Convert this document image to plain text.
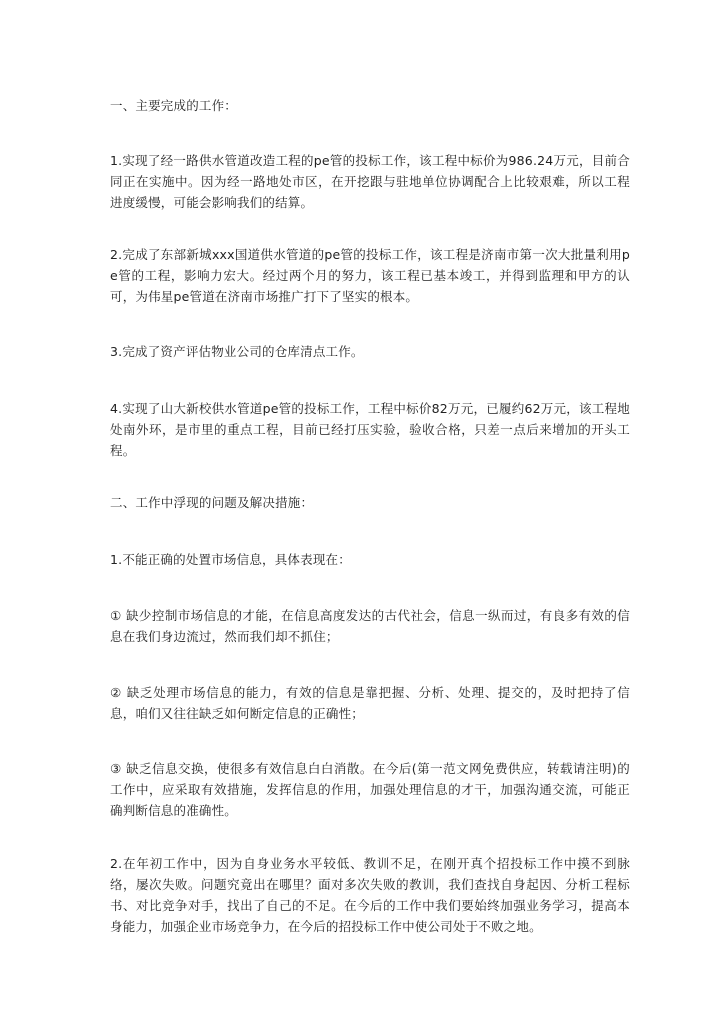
一、主要完成的工作：

1.实现了经一路供水管道改造工程的pe管的投标工作，该工程中标价为986.24万元，目前合同正在实施中。因为经一路地处市区，在开挖跟与驻地单位协调配合上比较艰难，所以工程进度缓慢，可能会影响我们的结算。

2.完成了东部新城xxx国道供水管道的pe管的投标工作，该工程是济南市第一次大批量利用pe管的工程，影响力宏大。经过两个月的努力，该工程已基本竣工，并得到监理和甲方的认可，为伟星pe管道在济南市场推广打下了坚实的根本。

3.完成了资产评估物业公司的仓库清点工作。

4.实现了山大新校供水管道pe管的投标工作，工程中标价82万元，已履约62万元，该工程地处南外环，是市里的重点工程，目前已经打压实验，验收合格，只差一点后来增加的开头工程。

二、工作中浮现的问题及解决措施：

1.不能正确的处置市场信息，具体表现在：

① 缺少控制市场信息的才能，在信息高度发达的古代社会，信息一纵而过，有良多有效的信息在我们身边流过，然而我们却不抓住；

② 缺乏处理市场信息的能力，有效的信息是靠把握、分析、处理、提交的，及时把持了信息，咱们又往往缺乏如何断定信息的正确性；

③ 缺乏信息交换，使很多有效信息白白消散。在今后(第一范文网免费供应，转载请注明)的工作中，应采取有效措施，发挥信息的作用，加强处理信息的才干，加强沟通交流，可能正确判断信息的准确性。

2.在年初工作中，因为自身业务水平较低、教训不足，在刚开真个招投标工作中摸不到脉络，屡次失败。问题究竟出在哪里？面对多次失败的教训，我们查找自身起因、分析工程标书、对比竞争对手，找出了自己的不足。在今后的工作中我们要始终加强业务学习，提高本身能力，加强企业市场竞争力，在今后的招投标工作中使公司处于不败之地。
